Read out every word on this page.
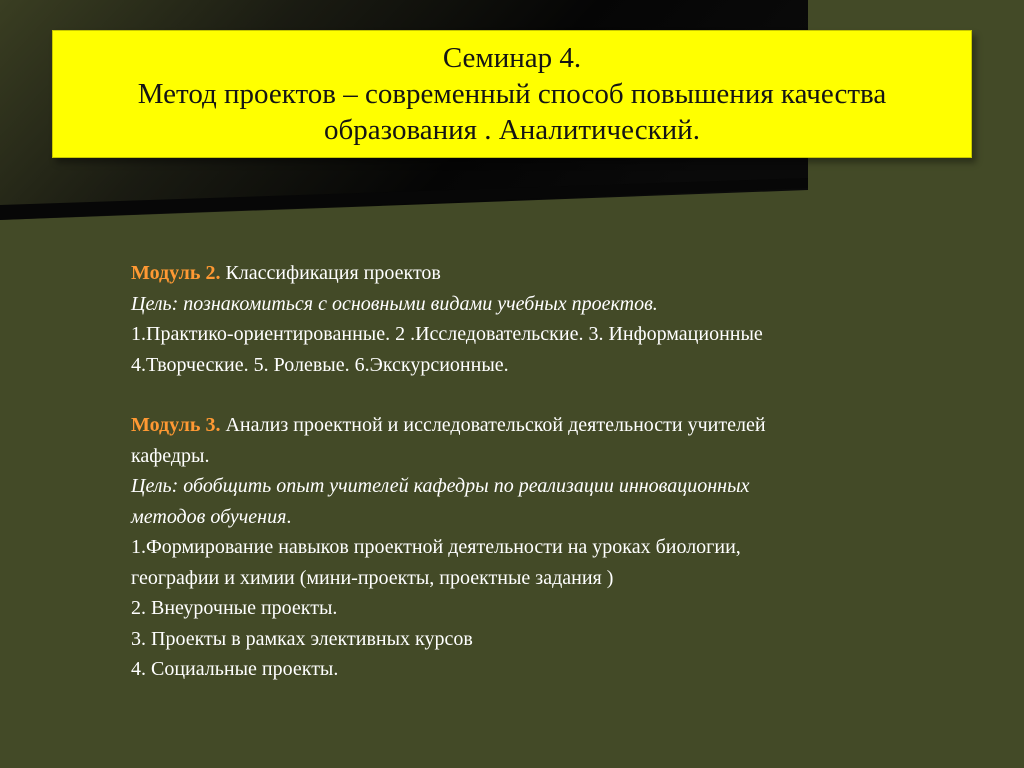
Семинар 4.
Метод проектов – современный способ повышения качества
образования . Аналитический.
Модуль 2. Классификация проектов
Цель: познакомиться с основными видами учебных проектов.
1.Практико-ориентированные. 2 .Исследовательские. 3. Информационные
4.Творческие. 5. Ролевые. 6.Экскурсионные.
Модуль 3. Анализ проектной и исследовательской деятельности учителей
кафедры.
Цель: обобщить опыт учителей кафедры по реализации инновационных
методов обучения.
1.Формирование навыков проектной деятельности на уроках биологии,
географии и химии (мини-проекты, проектные задания )
2. Внеурочные проекты.
3. Проекты в рамках элективных курсов
4. Социальные проекты.
